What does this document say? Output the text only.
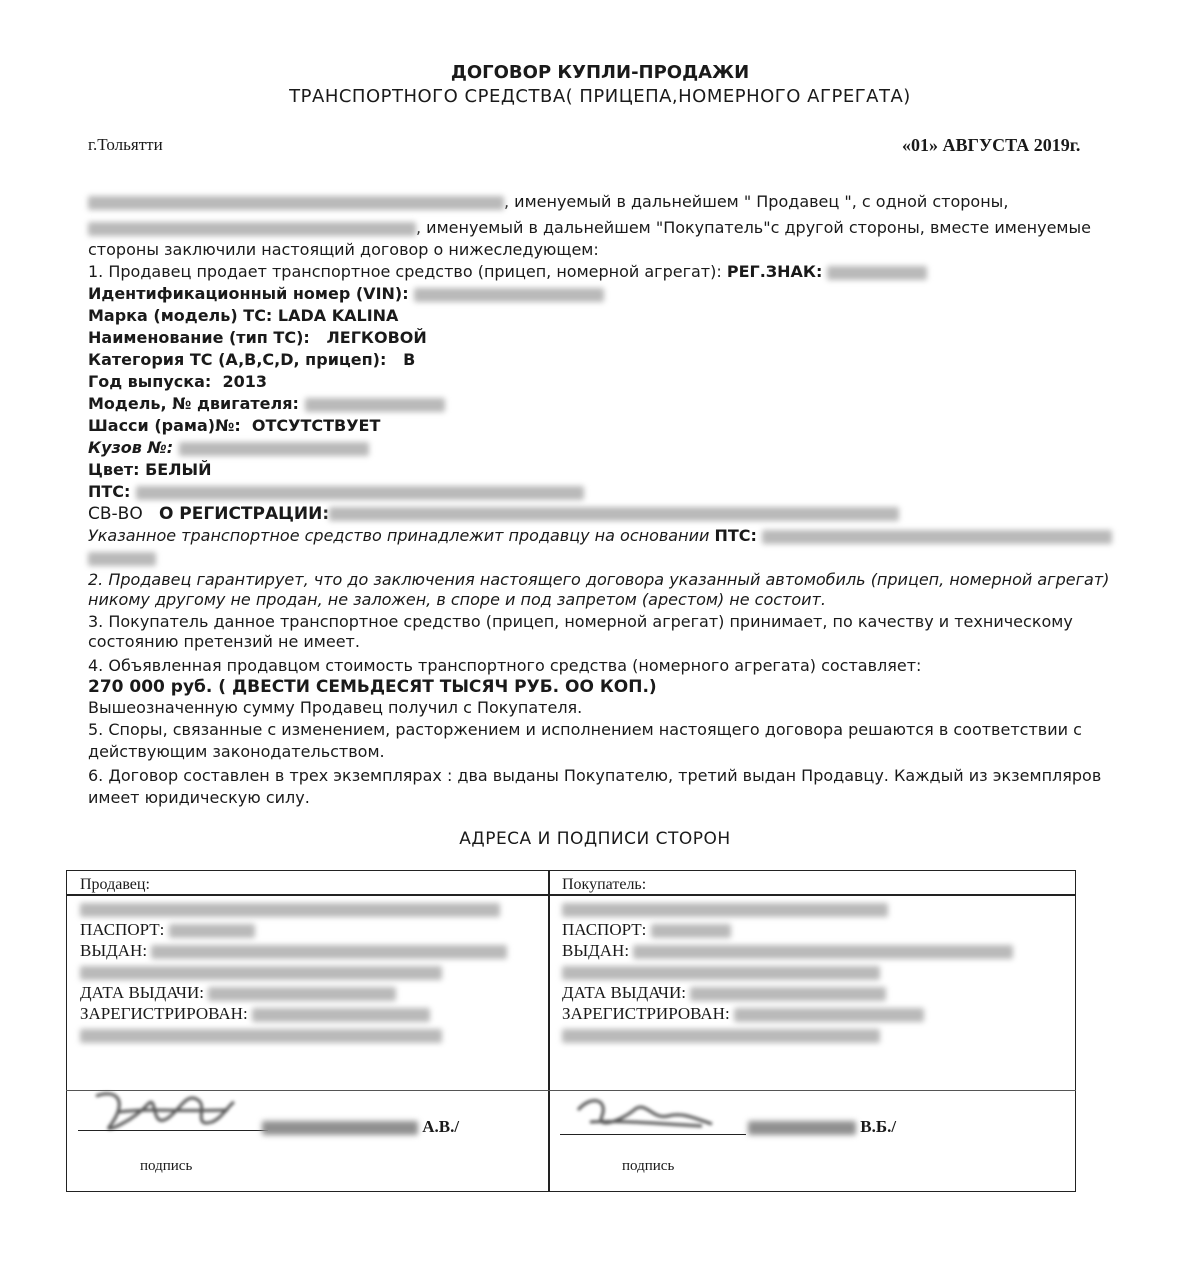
ДОГОВОР КУПЛИ-ПРОДАЖИ
ТРАНСПОРТНОГО СРЕДСТВА( ПРИЦЕПА,НОМЕРНОГО АГРЕГАТА)
г.Тольятти	«01» АВГУСТА 2019г.
, именуемый в дальнейшем " Продавец ", с одной стороны,
, именуемый в дальнейшем "Покупатель"с другой стороны, вместе именуемые
стороны заключили настоящий договор о нижеследующем:
1. Продавец продает транспортное средство (прицеп, номерной агрегат): РЕГ.ЗНАК:
Идентификационный номер (VIN):
Марка (модель) ТС: LADA KALINA
Наименование (тип ТС): ЛЕГКОВОЙ
Категория ТС (A,B,C,D, прицеп): B
Год выпуска: 2013
Модель, № двигателя:
Шасси (рама)№: ОТСУТСТВУЕТ
Кузов №:
Цвет: БЕЛЫЙ
ПТС:
СВ-ВО О РЕГИСТРАЦИИ:
Указанное транспортное средство принадлежит продавцу на основании ПТС:
2. Продавец гарантирует, что до заключения настоящего договора указанный автомобиль (прицеп, номерной агрегат)
никому другому не продан, не заложен, в споре и под запретом (арестом) не состоит.
3. Покупатель данное транспортное средство (прицеп, номерной агрегат) принимает, по качеству и техническому
состоянию претензий не имеет.
4. Объявленная продавцом стоимость транспортного средства (номерного агрегата) составляет:
270 000 руб. ( ДВЕСТИ СЕМЬДЕСЯТ ТЫСЯЧ РУБ. ОО КОП.)
Вышеозначенную сумму Продавец получил с Покупателя.
5. Споры, связанные с изменением, расторжением и исполнением настоящего договора решаются в соответствии с
действующим законодательством.
6. Договор составлен в трех экземплярах : два выданы Покупателю, третий выдан Продавцу. Каждый из экземпляров
имеет юридическую силу.
АДРЕСА И ПОДПИСИ СТОРОН
Продавец:
ПАСПОРТ:
ВЫДАН:
ДАТА ВЫДАЧИ:
ЗАРЕГИСТРИРОВАН:
А.В./
подпись
Покупатель:
ПАСПОРТ:
ВЫДАН:
ДАТА ВЫДАЧИ:
ЗАРЕГИСТРИРОВАН:
В.Б./
подпись
